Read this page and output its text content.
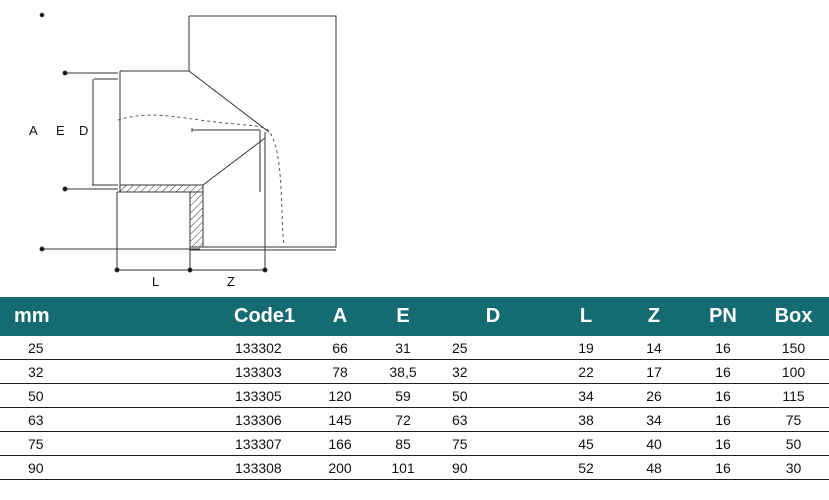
A E D
L	Z
mm	Code1	A	E	D	L	Z	PN	Box
25	133302	66	31	25	19	14	16	150
32	133303	78	38,5	32	22	17	16	100
50	133305	120	59	50	34	26	16	115
63	133306	145	72	63	38	34	16	75
75	133307	166	85	75	45	40	16	50
90	133308	200	101	90	52	48	16	30
